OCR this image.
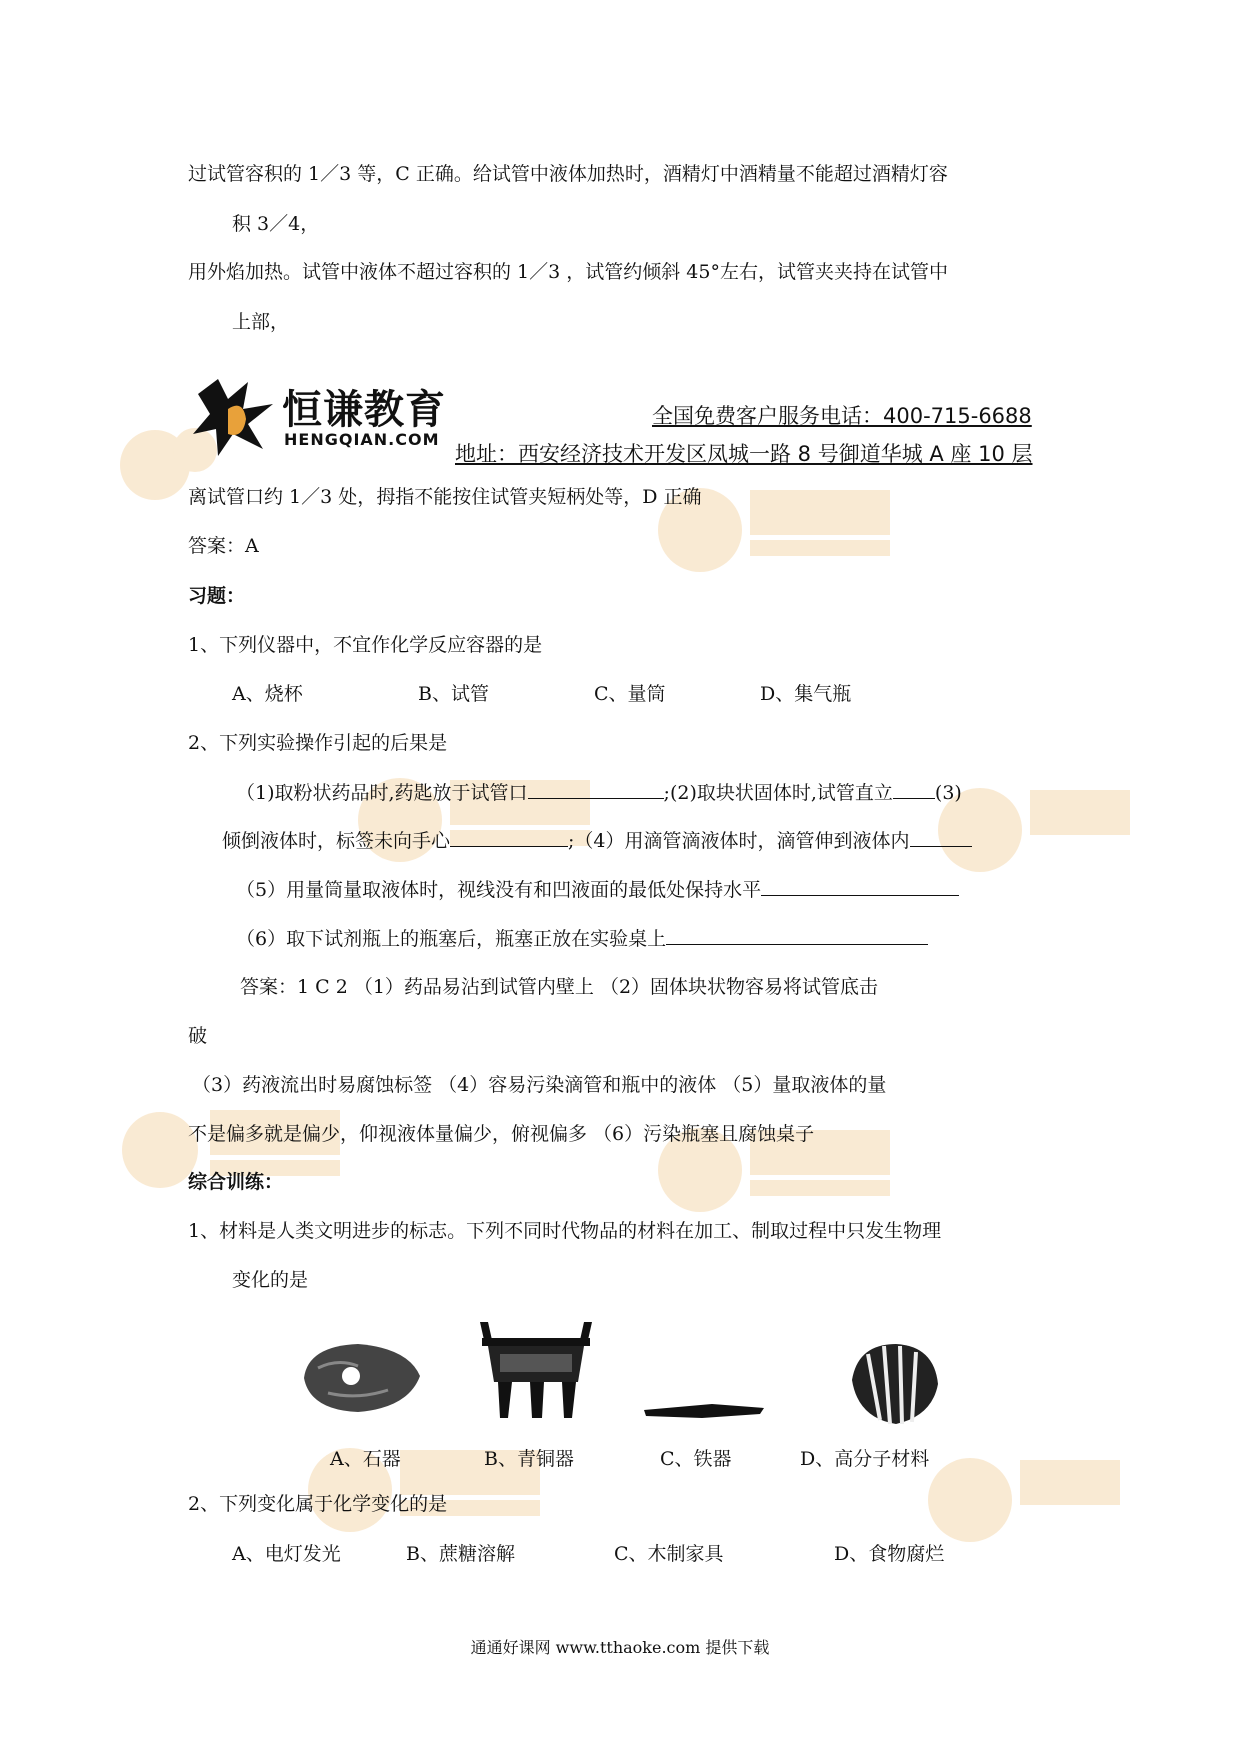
过试管容积的 1／3 等，C 正确。给试管中液体加热时，酒精灯中酒精量不能超过酒精灯容
积 3／4，
用外焰加热。试管中液体不超过容积的 1／3 ，试管约倾斜 45°左右，试管夹夹持在试管中
上部，
恒谦教育
HENGQIAN.COM
全国免费客户服务电话：400-715-6688
地址：西安经济技术开发区凤城一路 8 号御道华城 A 座 10 层
离试管口约 1／3 处，拇指不能按住试管夹短柄处等，D 正确
答案：A
习题：
1、下列仪器中，不宜作化学反应容器的是
A、烧杯	B、试管	C、量筒	D、集气瓶
2、下列实验操作引起的后果是
（1)取粉状药品时,药匙放于试管口	;(2)取块状固体时,试管直立 (3)
倾倒液体时，标签未向手心	;（4）用滴管滴液体时，滴管伸到液体内
（5）用量筒量取液体时，视线没有和凹液面的最低处保持水平
（6）取下试剂瓶上的瓶塞后，瓶塞正放在实验桌上
答案：1 C 2 （1）药品易沾到试管内壁上 （2）固体块状物容易将试管底击
破
（3）药液流出时易腐蚀标签 （4）容易污染滴管和瓶中的液体 （5）量取液体的量
不是偏多就是偏少，仰视液体量偏少，俯视偏多 （6）污染瓶塞且腐蚀桌子
综合训练：
1、材料是人类文明进步的标志。下列不同时代物品的材料在加工、制取过程中只发生物理
变化的是
A、石器	B、青铜器	C、铁器	D、高分子材料
2、下列变化属于化学变化的是
A、电灯发光	B、蔗糖溶解	C、木制家具	D、食物腐烂
通通好课网 www.tthaoke.com 提供下载
